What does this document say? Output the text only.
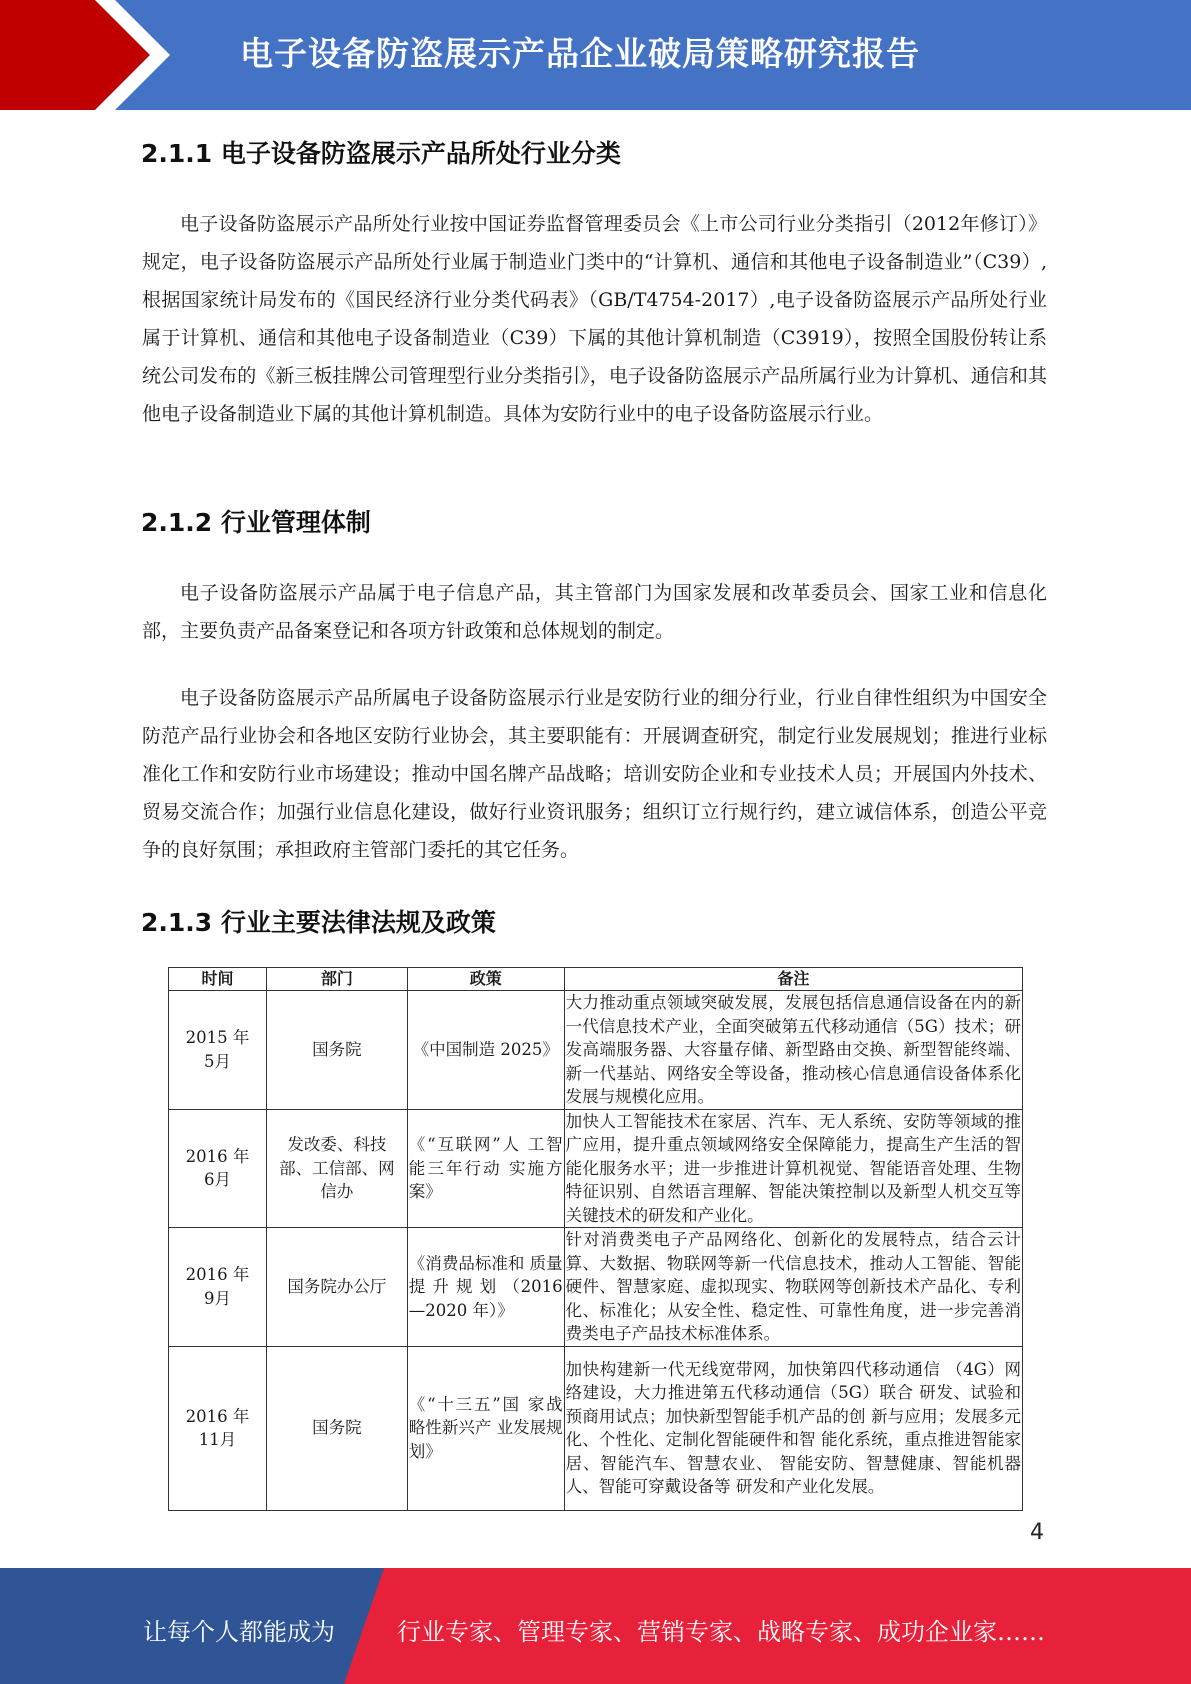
电子设备防盗展示产品企业破局策略研究报告
2.1.1 电子设备防盗展示产品所处行业分类

电子设备防盗展示产品所处行业按中国证券监督管理委员会《上市公司行业分类指引（2012年修订）》规定，电子设备防盗展示产品所处行业属于制造业门类中的“计算机、通信和其他电子设备制造业”（C39）,根据国家统计局发布的《国民经济行业分类代码表》（GB/T4754-2017）,电子设备防盗展示产品所处行业属于计算机、通信和其他电子设备制造业（C39）下属的其他计算机制造（C3919），按照全国股份转让系统公司发布的《新三板挂牌公司管理型行业分类指引》，电子设备防盗展示产品所属行业为计算机、通信和其他电子设备制造业下属的其他计算机制造。具体为安防行业中的电子设备防盗展示行业。

2.1.2 行业管理体制

电子设备防盗展示产品属于电子信息产品，其主管部门为国家发展和改革委员会、国家工业和信息化部，主要负责产品备案登记和各项方针政策和总体规划的制定。

电子设备防盗展示产品所属电子设备防盗展示行业是安防行业的细分行业，行业自律性组织为中国安全防范产品行业协会和各地区安防行业协会，其主要职能有：开展调查研究，制定行业发展规划；推进行业标准化工作和安防行业市场建设；推动中国名牌产品战略；培训安防企业和专业技术人员；开展国内外技术、贸易交流合作；加强行业信息化建设，做好行业资讯服务；组织订立行规行约，建立诚信体系，创造公平竞争的良好氛围；承担政府主管部门委托的其它任务。

2.1.3 行业主要法律法规及政策
时间	部门	政策	备注
2015 年 5月	国务院	《中国制造 2025》	大力推动重点领域突破发展，发展包括信息通信设备在内的新一代信息技术产业，全面突破第五代移动通信（5G）技术；研发高端服务器、大容量存储、新型路由交换、新型智能终端、新一代基站、网络安全等设备，推动核心信息通信设备体系化发展与规模化应用。
2016 年 6月	发改委、科技部、工信部、网信办	《“互联网”人 工智能三年行动 实施方案》	加快人工智能技术在家居、汽车、无人系统、安防等领域的推广应用，提升重点领域网络安全保障能力，提高生产生活的智能化服务水平；进一步推进计算机视觉、智能语音处理、生物特征识别、自然语言理解、智能决策控制以及新型人机交互等关键技术的研发和产业化。
2016 年 9月	国务院办公厅	《消费品标准和 质量 提 升 规 划 （2016—2020 年）》	针对消费类电子产品网络化、创新化的发展特点，结合云计算、大数据、物联网等新一代信息技术，推动人工智能、智能硬件、智慧家庭、虚拟现实、物联网等创新技术产品化、专利化、标准化；从安全性、稳定性、可靠性角度，进一步完善消费类电子产品技术标准体系。
2016 年 11月	国务院	《“十三五”国 家战略性新兴产 业发展规划》	加快构建新一代无线宽带网，加快第四代移动通信 （4G）网络建设，大力推进第五代移动通信（5G）联合 研发、试验和预商用试点；加快新型智能手机产品的创 新与应用；发展多元化、个性化、定制化智能硬件和智 能化系统，重点推进智能家居、智能汽车、智慧农业、 智能安防、智慧健康、智能机器人、智能可穿戴设备等 研发和产业化发展。
4
让每个人都能成为	行业专家、管理专家、营销专家、战略专家、成功企业家……
